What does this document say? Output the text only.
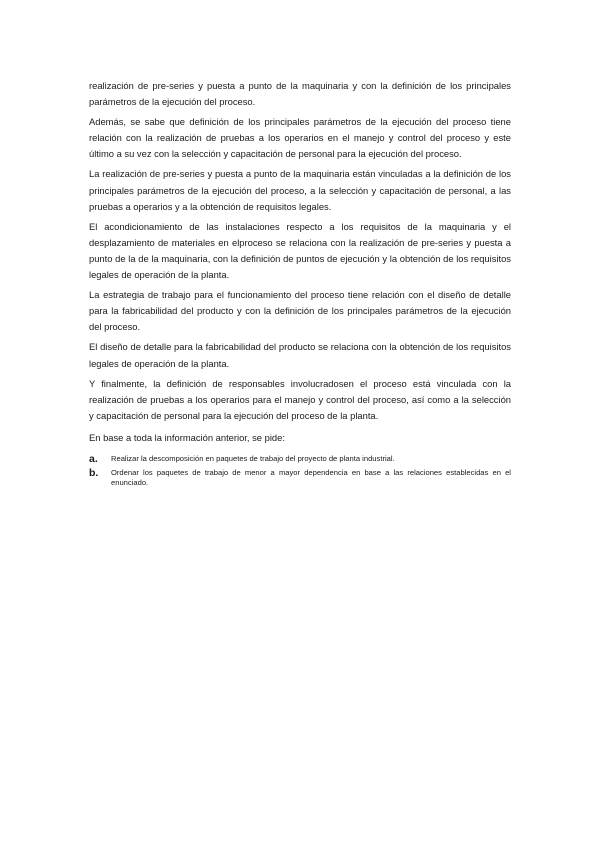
realización de pre-series y puesta a punto de la maquinaria y con la definición de los principales parámetros de la ejecución del proceso.

Además, se sabe que definición de los principales parámetros de la ejecución del proceso tiene relación con la realización de pruebas a los operarios en el manejo y control del proceso y este último a su vez con la selección y capacitación de personal para la ejecución del proceso.

La realización de pre-series y puesta a punto de la maquinaria están vinculadas a la definición de los principales parámetros de la ejecución del proceso, a la selección y capacitación de personal, a las pruebas a operarios y a la obtención de requisitos legales.

El acondicionamiento de las instalaciones respecto a los requisitos de la maquinaria y el desplazamiento de materiales en elproceso se relaciona con la realización de pre-series y puesta a punto de la de la maquinaria, con la definición de puntos de ejecución y la obtención de los requisitos legales de operación de la planta.

La estrategia de trabajo para el funcionamiento del proceso tiene relación con el diseño de detalle para la fabricabilidad del producto y con la definición de los principales parámetros de la ejecución del proceso.

El diseño de detalle para la fabricabilidad del producto se relaciona con la obtención de los requisitos legales de operación de la planta.

Y finalmente, la definición de responsables involucradosen el proceso está vinculada con la realización de pruebas a los operarios para el manejo y control del proceso, así como a la selección y capacitación de personal para la ejecución del proceso de la planta.

En base a toda la información anterior, se pide:

a.	Realizar la descomposición en paquetes de trabajo del proyecto de planta industrial.
b.	Ordenar los paquetes de trabajo de menor a mayor dependencia en base a las relaciones establecidas en el enunciado.
